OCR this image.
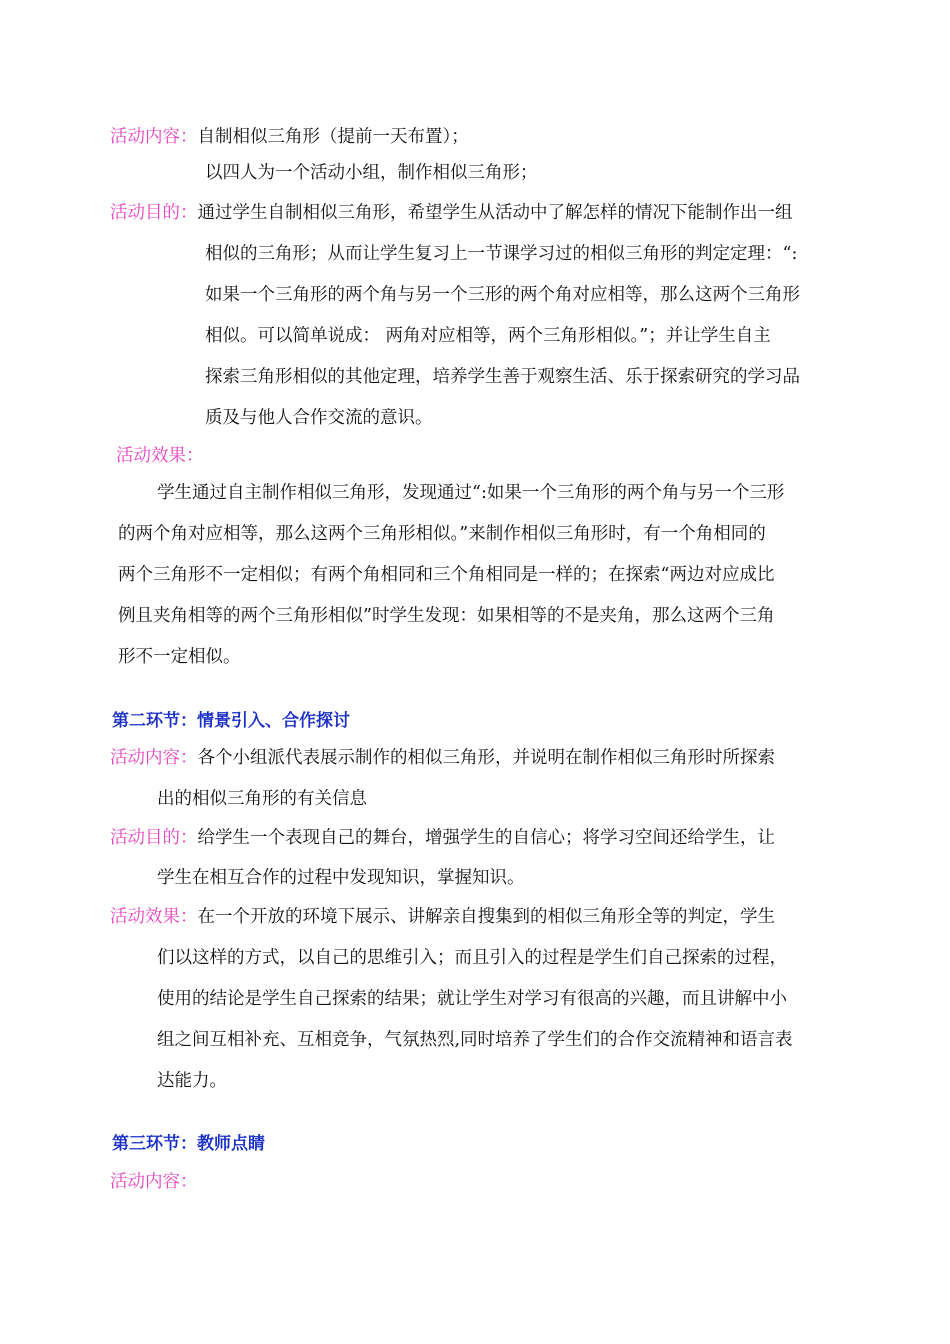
活动内容：自制相似三角形（提前一天布置）；
以四人为一个活动小组，制作相似三角形；
活动目的：通过学生自制相似三角形，希望学生从活动中了解怎样的情况下能制作出一组
相似的三角形；从而让学生复习上一节课学习过的相似三角形的判定定理：“:
如果一个三角形的两个角与另一个三形的两个角对应相等，那么这两个三角形
相似。可以简单说成： 两角对应相等，两个三角形相似。”；并让学生自主
探索三角形相似的其他定理，培养学生善于观察生活、乐于探索研究的学习品
质及与他人合作交流的意识。
活动效果：
学生通过自主制作相似三角形，发现通过“:如果一个三角形的两个角与另一个三形
的两个角对应相等，那么这两个三角形相似。”来制作相似三角形时，有一个角相同的
两个三角形不一定相似；有两个角相同和三个角相同是一样的；在探索“两边对应成比
例且夹角相等的两个三角形相似”时学生发现：如果相等的不是夹角，那么这两个三角
形不一定相似。
第二环节：情景引入、合作探讨
活动内容：各个小组派代表展示制作的相似三角形，并说明在制作相似三角形时所探索
出的相似三角形的有关信息
活动目的：给学生一个表现自己的舞台，增强学生的自信心；将学习空间还给学生，让
学生在相互合作的过程中发现知识，掌握知识。
活动效果：在一个开放的环境下展示、讲解亲自搜集到的相似三角形全等的判定，学生
们以这样的方式，以自己的思维引入；而且引入的过程是学生们自己探索的过程，
使用的结论是学生自己探索的结果；就让学生对学习有很高的兴趣，而且讲解中小
组之间互相补充、互相竞争，气氛热烈,同时培养了学生们的合作交流精神和语言表
达能力。
第三环节：教师点睛
活动内容：
